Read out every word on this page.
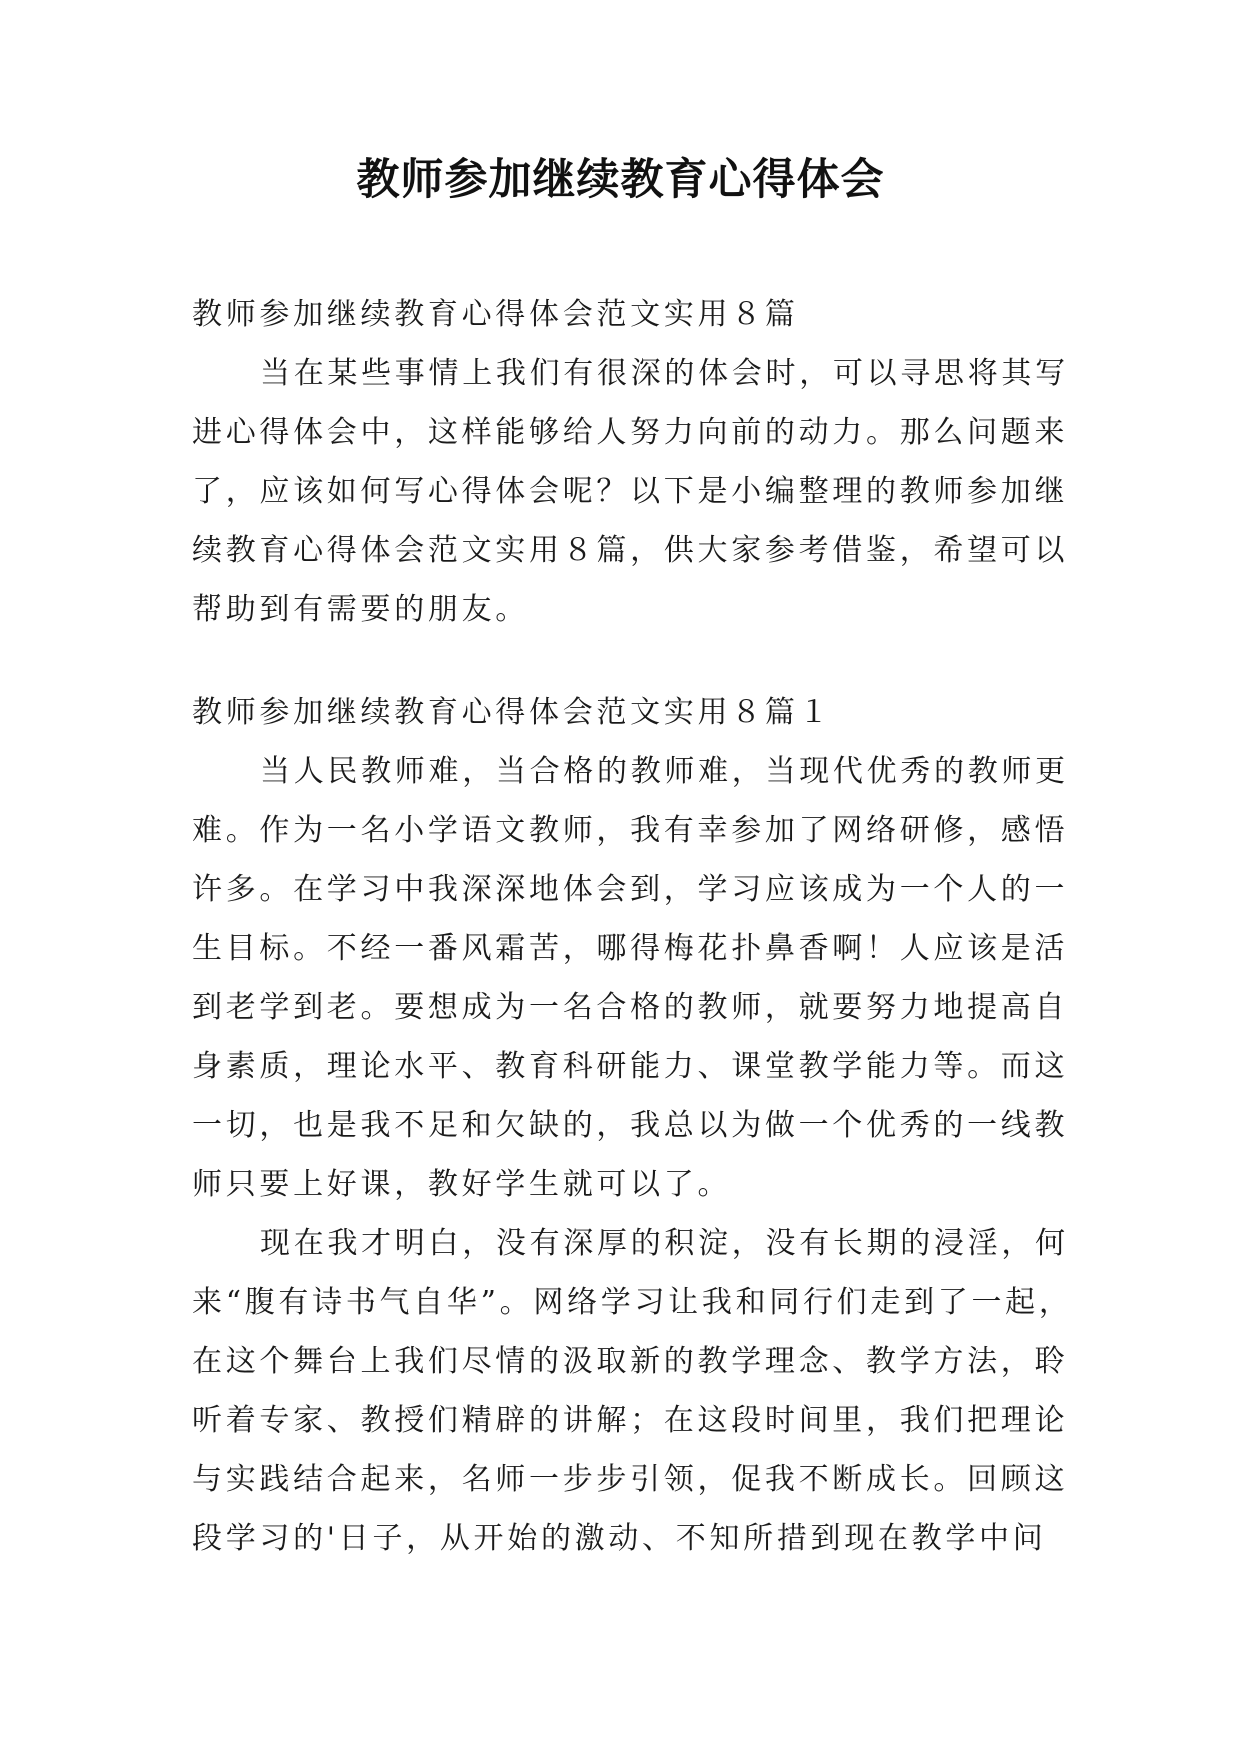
教师参加继续教育心得体会

教师参加继续教育心得体会范文实用８篇

当在某些事情上我们有很深的体会时，可以寻思将其写

进心得体会中，这样能够给人努力向前的动力。那么问题来

了，应该如何写心得体会呢？以下是小编整理的教师参加继

续教育心得体会范文实用８篇，供大家参考借鉴，希望可以

帮助到有需要的朋友。

教师参加继续教育心得体会范文实用８篇１

当人民教师难，当合格的教师难，当现代优秀的教师更

难。作为一名小学语文教师，我有幸参加了网络研修，感悟

许多。在学习中我深深地体会到，学习应该成为一个人的一

生目标。不经一番风霜苦，哪得梅花扑鼻香啊！人应该是活

到老学到老。要想成为一名合格的教师，就要努力地提高自

身素质，理论水平、教育科研能力、课堂教学能力等。而这

一切，也是我不足和欠缺的，我总以为做一个优秀的一线教

师只要上好课，教好学生就可以了。

现在我才明白，没有深厚的积淀，没有长期的浸淫，何

来“腹有诗书气自华”。网络学习让我和同行们走到了一起，

在这个舞台上我们尽情的汲取新的教学理念、教学方法，聆

听着专家、教授们精辟的讲解；在这段时间里，我们把理论

与实践结合起来，名师一步步引领，促我不断成长。回顾这

段学习的'日子，从开始的激动、不知所措到现在教学中问
